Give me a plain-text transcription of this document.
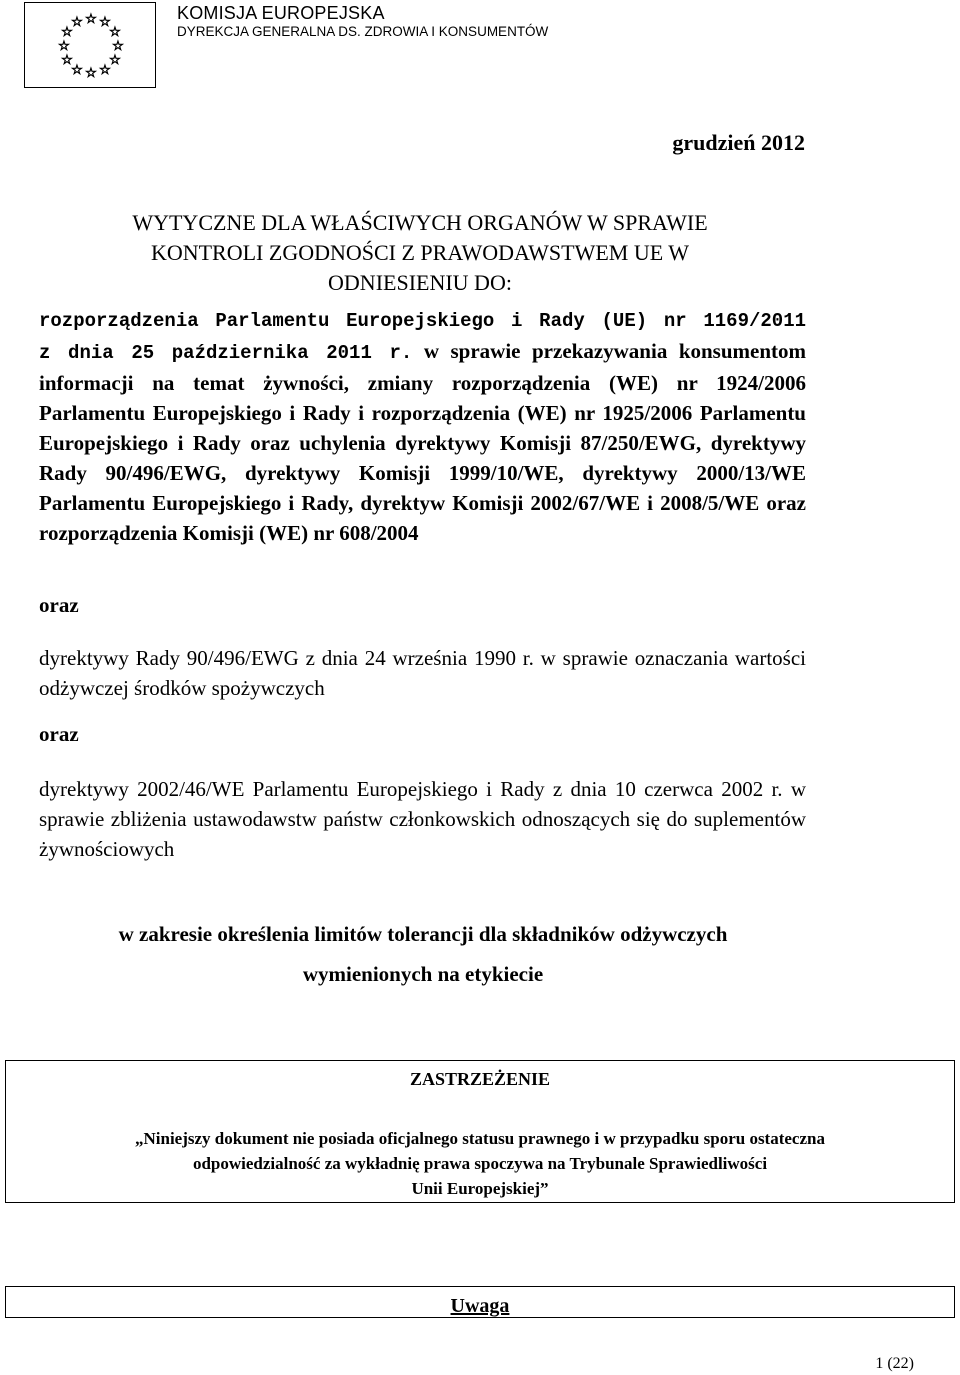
☆ ☆
☆
☆
☆
☆
☆
☆
☆
☆
☆
☆	KOMISJA EUROPEJSKA
DYREKCJA GENERALNA DS. ZDROWIA I KONSUMENTÓW
grudzień 2012
WYTYCZNE DLA WŁAŚCIWYCH ORGANÓW W SPRAWIE
KONTROLI ZGODNOŚCI Z PRAWODAWSTWEM UE W
ODNIESIENIU DO:
rozporządzenia Parlamentu Europejskiego i Rady (UE) nr 1169/2011
z dnia 25 października 2011 r. w sprawie przekazywania konsumentom informacji na temat żywności, zmiany rozporządzenia (WE) nr 1924/2006 Parlamentu Europejskiego i Rady i rozporządzenia (WE) nr 1925/2006 Parlamentu Europejskiego i Rady oraz uchylenia dyrektywy Komisji 87/250/EWG, dyrektywy Rady 90/496/EWG, dyrektywy Komisji 1999/10/WE, dyrektywy 2000/13/WE Parlamentu Europejskiego i Rady, dyrektyw Komisji 2002/67/WE i 2008/5/WE oraz rozporządzenia Komisji (WE) nr 608/2004
oraz
dyrektywy Rady 90/496/EWG z dnia 24 września 1990 r. w sprawie oznaczania wartości odżywczej środków spożywczych
oraz
dyrektywy 2002/46/WE Parlamentu Europejskiego i Rady z dnia 10 czerwca 2002 r. w sprawie zbliżenia ustawodawstw państw członkowskich odnoszących się do suplementów żywnościowych
w zakresie określenia limitów tolerancji dla składników odżywczych
wymienionych na etykiecie
ZASTRZEŻENIE
„Niniejszy dokument nie posiada oficjalnego statusu prawnego i w przypadku sporu ostateczna
odpowiedzialność za wykładnię prawa spoczywa na Trybunale Sprawiedliwości
Unii Europejskiej”
Uwaga
1 (22)
